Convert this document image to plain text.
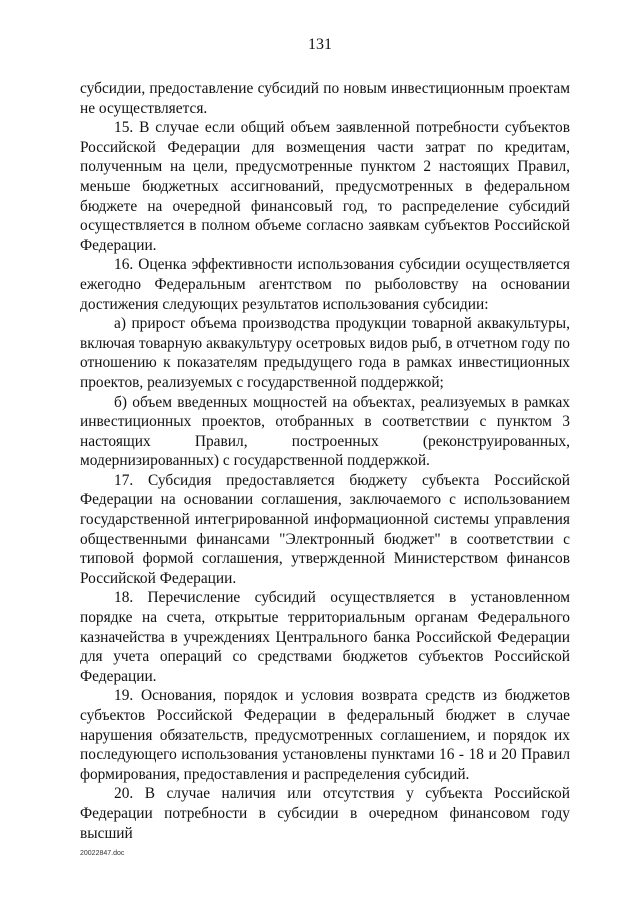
131

субсидии, предоставление субсидий по новым инвестиционным проектам не осуществляется.

15. В случае если общий объем заявленной потребности субъектов Российской Федерации для возмещения части затрат по кредитам, полученным на цели, предусмотренные пунктом 2 настоящих Правил, меньше бюджетных ассигнований, предусмотренных в федеральном бюджете на очередной финансовый год, то распределение субсидий осуществляется в полном объеме согласно заявкам субъектов Российской Федерации.

16. Оценка эффективности использования субсидии осуществляется ежегодно Федеральным агентством по рыболовству на основании достижения следующих результатов использования субсидии:

а) прирост объема производства продукции товарной аквакультуры, включая товарную аквакультуру осетровых видов рыб, в отчетном году по отношению к показателям предыдущего года в рамках инвестиционных проектов, реализуемых с государственной поддержкой;

б) объем введенных мощностей на объектах, реализуемых в рамках инвестиционных проектов, отобранных в соответствии с пунктом 3 настоящих Правил, построенных (реконструированных, модернизированных) с государственной поддержкой.

17. Субсидия предоставляется бюджету субъекта Российской Федерации на основании соглашения, заключаемого с использованием государственной интегрированной информационной системы управления общественными финансами "Электронный бюджет" в соответствии с типовой формой соглашения, утвержденной Министерством финансов Российской Федерации.

18. Перечисление субсидий осуществляется в установленном порядке на счета, открытые территориальным органам Федерального казначейства в учреждениях Центрального банка Российской Федерации для учета операций со средствами бюджетов субъектов Российской Федерации.

19. Основания, порядок и условия возврата средств из бюджетов субъектов Российской Федерации в федеральный бюджет в случае нарушения обязательств, предусмотренных соглашением, и порядок их последующего использования установлены пунктами 16 - 18 и 20 Правил формирования, предоставления и распределения субсидий.

20. В случае наличия или отсутствия у субъекта Российской Федерации потребности в субсидии в очередном финансовом году высший

20022847.doc
